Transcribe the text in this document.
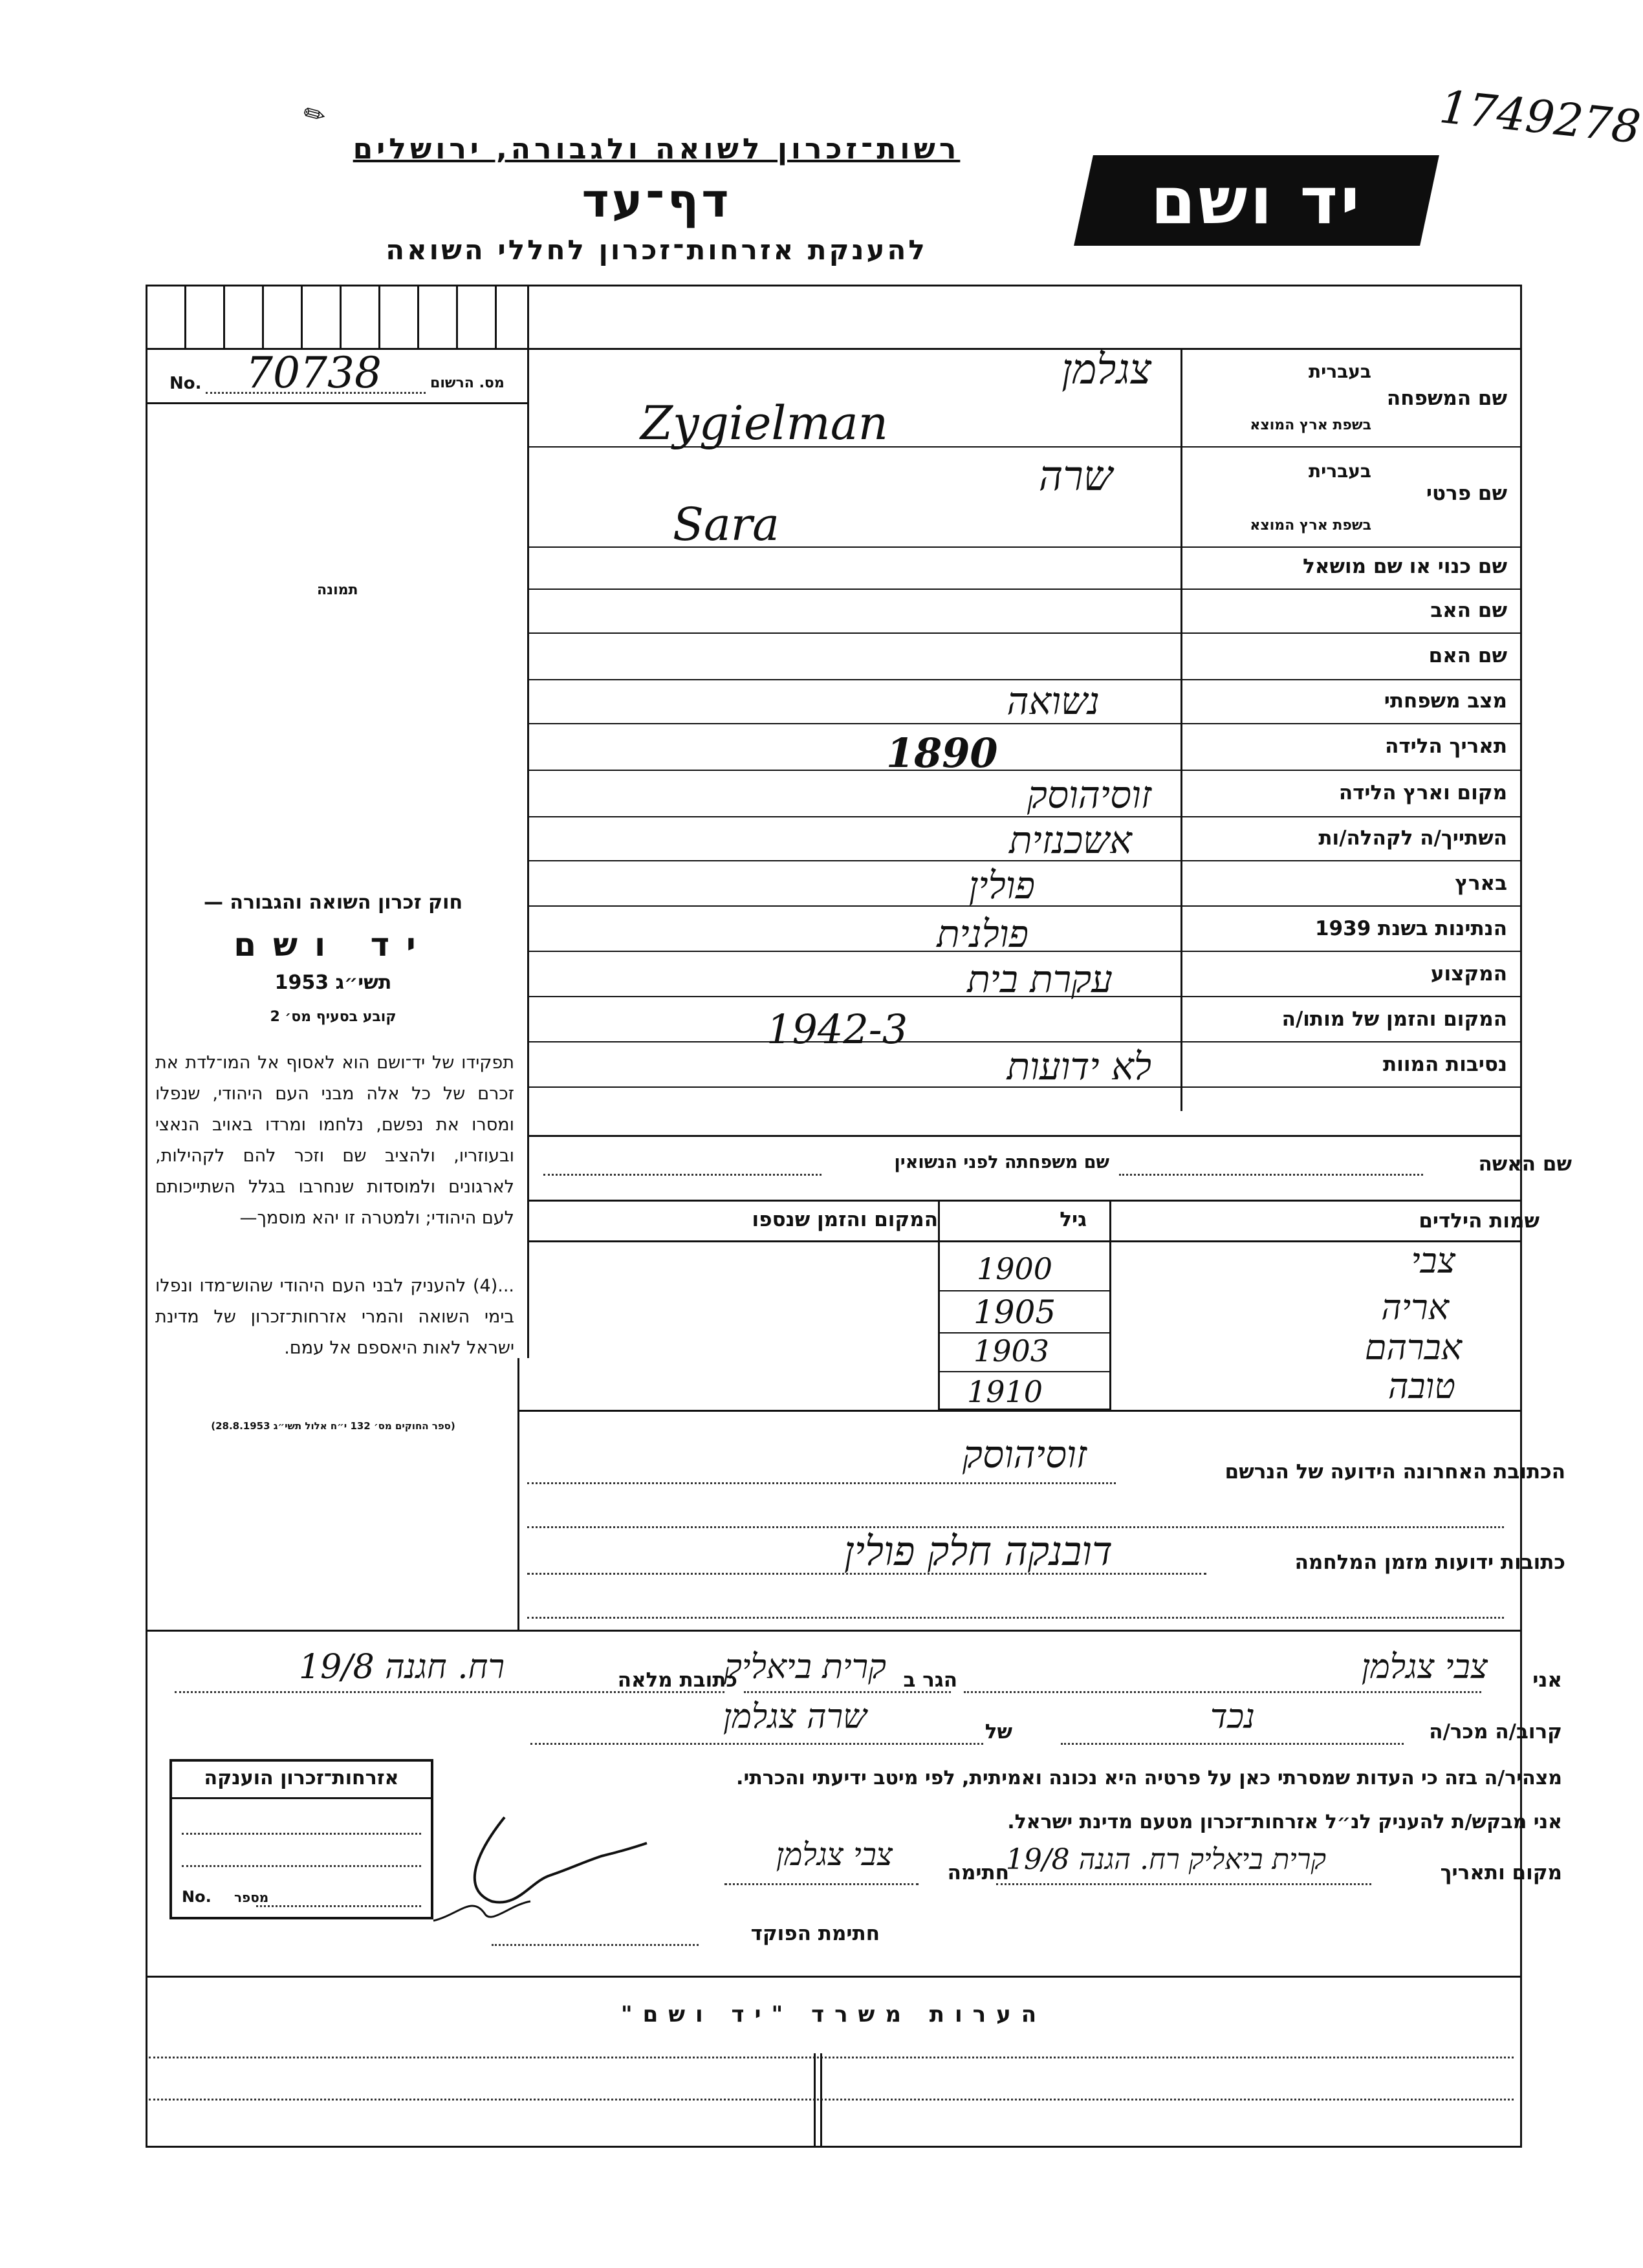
1749278
✎
רשות־זכרון לשואה ולגבורה, ירושלים
דף־עד
להענקת אזרחות־זכרון לחללי השואה
יד ושם
מס. הרשום
No. 70738
תמונה
שם המשפחה
בעברית
בשפת ארץ המוצא
שם פרטי
בעברית
בשפת ארץ המוצא
שם כנוי או שם מושאל
שם האב
שם האם
מצב משפחתי
תאריך הלידה
מקום וארץ הלידה
השתייך/ה לקהלה/ות
בארץ
הנתינות בשנת 1939
המקצוע
המקום והזמן של מותו/ה
נסיבות המוות
צגלמן
Zygielman
שרה
Sara
נשואה
1890
זוסיהוסק
אשכנזית
פולין
פולנית
עקרת בית
1942-3
לא ידועות
שם האשה
שם משפחתה לפני הנשואין
שמות הילדים
גיל
המקום והזמן שנספו
צבי
1900
אריה
1905
אברהם
1903
טובה
1910
הכתובת האחרונה הידועה של הנרשם
זוסיהוסק
כתובות ידועות מזמן המלחמה
דובנקה חלק פולין
חוק זכרון השואה והגבורה —
יד ושם
תשי״ג 1953
קובע בסעיף מס׳ 2
תפקידו של יד־ושם הוא לאסוף אל המו־לדת את זכרם של כל אלה מבני העם היהודי, שנפלו ומסרו את נפשם, נלחמו ומרדו באויב הנאצי ובעוזריו, ולהציב שם וזכר להם לקהילות, לארגונים ולמוסדות שנחרבו בגלל השתייכותם לעם היהודי; ולמטרה זו יהא מוסמך—
...(4) להעניק לבני העם היהודי שהוש־מדו ונפלו בימי השואה והמרי אזרחות־זכרון של מדינת ישראל לאות היאספם אל עמם.
(ספר החוקים מס׳ 132 י״ח אלול תשי״ג 28.8.1953)
אני
צבי צגלמן
הגר ב
קרית ביאליק
כתובת מלאה
רח. חגנה 19/8
קרוב/ה מכר/ה
נכד
של
שרה צגלמן
מצהיר/ה בזה כי העדות שמסרתי כאן על פרטיה היא נכונה ואמיתית, לפי מיטב ידיעתי והכרתי.
אני מבקש/ת להעניק לנ״ל אזרחות־זכרון מטעם מדינת ישראל.
מקום ותאריך
קרית ביאליק רח. הגנה 19/8
חתימה
צבי צגלמן
חתימת הפוקד
אזרחות־זכרון הוענקה
No. מספר
הערות משרד "יד ושם"
